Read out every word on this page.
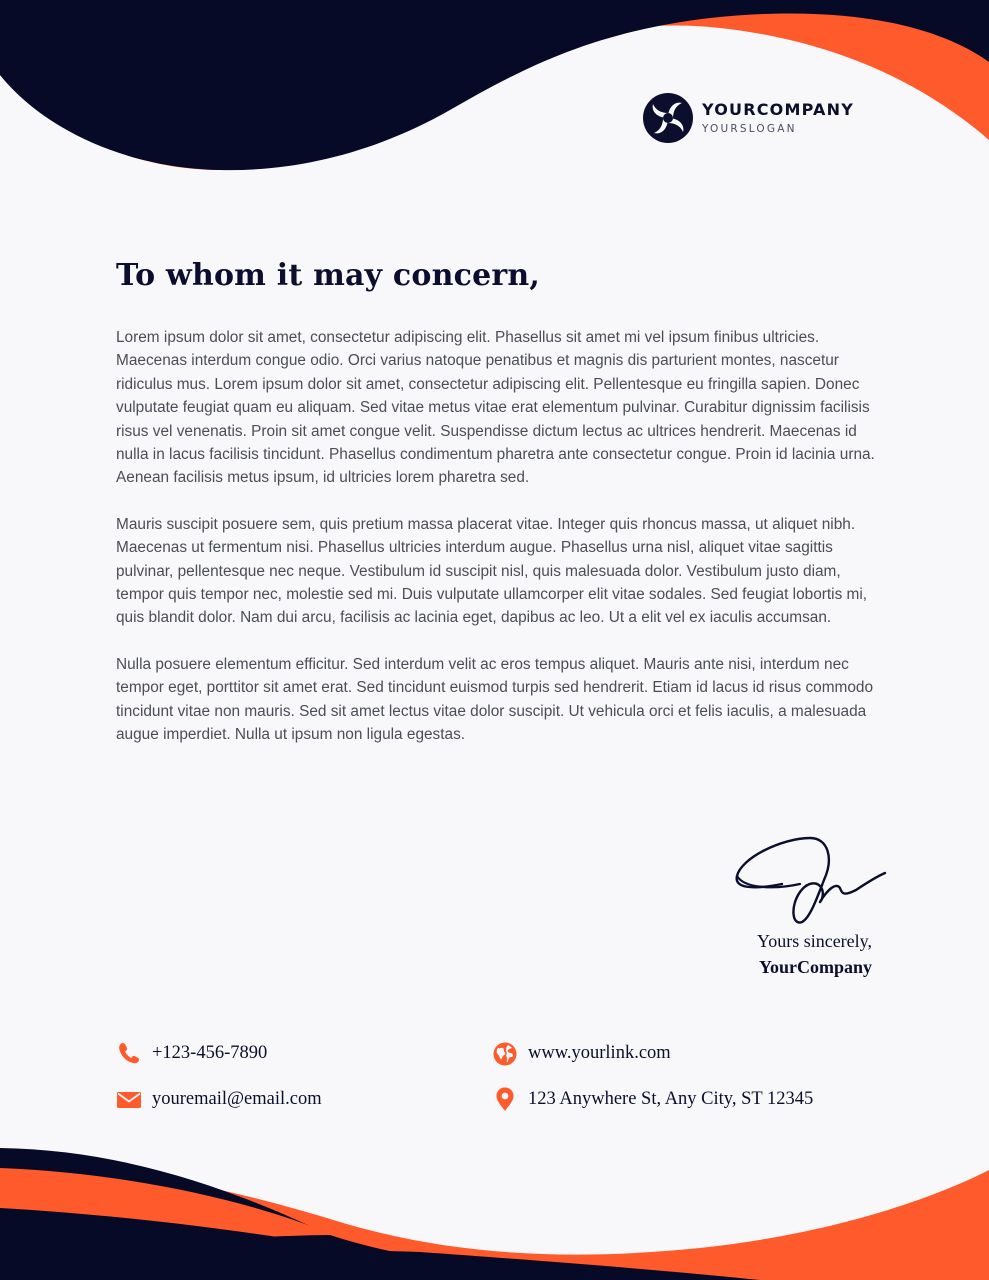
YOURCOMPANY
YOURSLOGAN
To whom it may concern,

Lorem ipsum dolor sit amet, consectetur adipiscing elit. Phasellus sit amet mi vel ipsum finibus ultricies. Maecenas interdum congue odio. Orci varius natoque penatibus et magnis dis parturient montes, nascetur ridiculus mus. Lorem ipsum dolor sit amet, consectetur adipiscing elit. Pellentesque eu fringilla sapien. Donec vulputate feugiat quam eu aliquam. Sed vitae metus vitae erat elementum pulvinar. Curabitur dignissim facilisis risus vel venenatis. Proin sit amet congue velit. Suspendisse dictum lectus ac ultrices hendrerit. Maecenas id nulla in lacus facilisis tincidunt. Phasellus condimentum pharetra ante consectetur congue. Proin id lacinia urna. Aenean facilisis metus ipsum, id ultricies lorem pharetra sed.

Mauris suscipit posuere sem, quis pretium massa placerat vitae. Integer quis rhoncus massa, ut aliquet nibh. Maecenas ut fermentum nisi. Phasellus ultricies interdum augue. Phasellus urna nisl, aliquet vitae sagittis pulvinar, pellentesque nec neque. Vestibulum id suscipit nisl, quis malesuada dolor. Vestibulum justo diam, tempor quis tempor nec, molestie sed mi. Duis vulputate ullamcorper elit vitae sodales. Sed feugiat lobortis mi, quis blandit dolor. Nam dui arcu, facilisis ac lacinia eget, dapibus ac leo. Ut a elit vel ex iaculis accumsan.

Nulla posuere elementum efficitur. Sed interdum velit ac eros tempus aliquet. Mauris ante nisi, interdum nec tempor eget, porttitor sit amet erat. Sed tincidunt euismod turpis sed hendrerit. Etiam id lacus id risus commodo tincidunt vitae non mauris. Sed sit amet lectus vitae dolor suscipit. Ut vehicula orci et felis iaculis, a malesuada augue imperdiet. Nulla ut ipsum non ligula egestas.

Yours sincerely,
YourCompany
+123-456-7890
youremail@email.com
www.yourlink.com
123 Anywhere St, Any City, ST 12345
